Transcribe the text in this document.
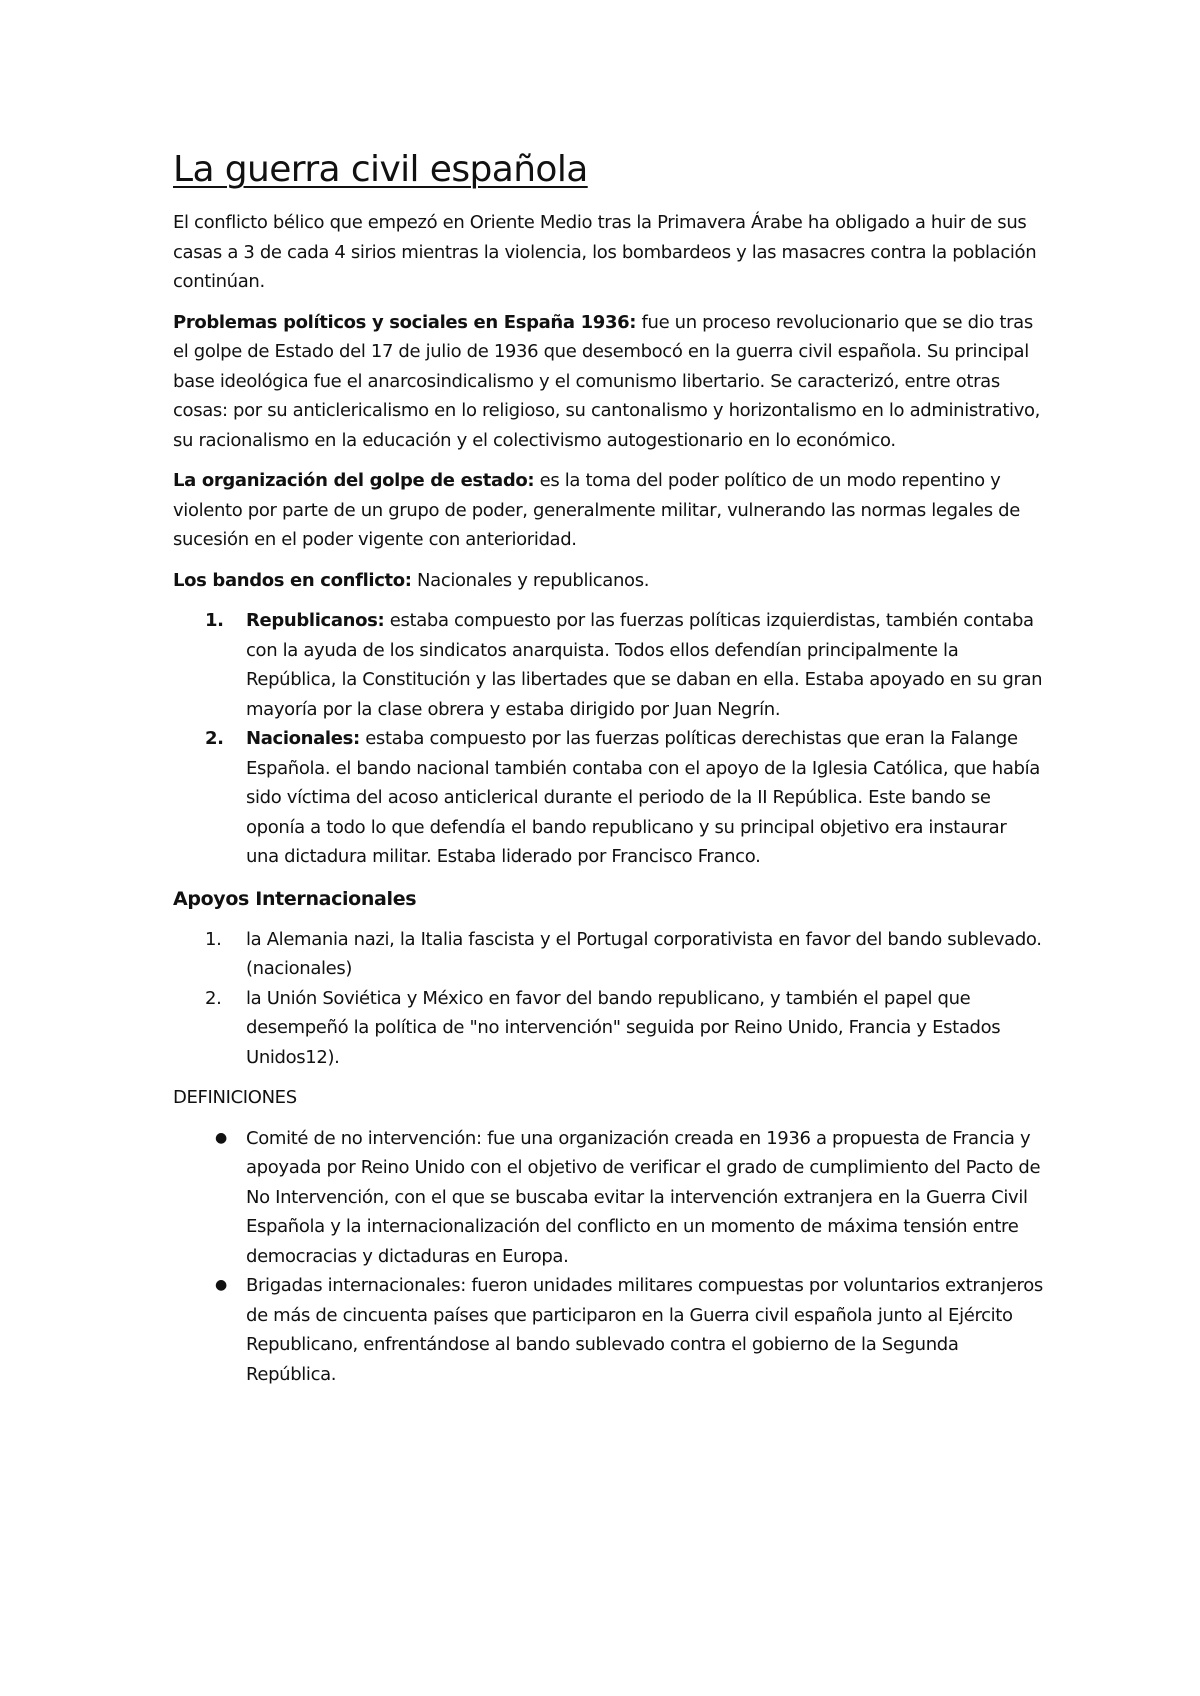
La guerra civil española

El conflicto bélico que empezó en Oriente Medio tras la Primavera Árabe ha obligado a huir de sus casas a 3 de cada 4 sirios mientras la violencia, los bombardeos y las masacres contra la población continúan.

Problemas políticos y sociales en España 1936: fue un proceso revolucionario que se dio tras el golpe de Estado del 17 de julio de 1936 que desembocó en la guerra civil española. Su principal base ideológica fue el anarcosindicalismo y el comunismo libertario. Se caracterizó, entre otras cosas: por su anticlericalismo en lo religioso, su cantonalismo y horizontalismo en lo administrativo, su racionalismo en la educación y el colectivismo autogestionario en lo económico.

La organización del golpe de estado: es la toma del poder político de un modo repentino y violento por parte de un grupo de poder, generalmente militar, vulnerando las normas legales de sucesión en el poder vigente con anterioridad.

Los bandos en conflicto: Nacionales y republicanos.

1. Republicanos: estaba compuesto por las fuerzas políticas izquierdistas, también contaba con la ayuda de los sindicatos anarquista. Todos ellos defendían principalmente la República, la Constitución y las libertades que se daban en ella. Estaba apoyado en su gran mayoría por la clase obrera y estaba dirigido por Juan Negrín.
2. Nacionales: estaba compuesto por las fuerzas políticas derechistas que eran la Falange Española. el bando nacional también contaba con el apoyo de la Iglesia Católica, que había sido víctima del acoso anticlerical durante el periodo de la II República. Este bando se oponía a todo lo que defendía el bando republicano y su principal objetivo era instaurar una dictadura militar. Estaba liderado por Francisco Franco.
Apoyos Internacionales
1. la Alemania nazi, la Italia fascista y el Portugal corporativista en favor del bando sublevado. (nacionales)
2. la Unión Soviética y México en favor del bando republicano, y también el papel que desempeñó la política de "no intervención" seguida por Reino Unido, Francia y Estados Unidos12).

DEFINICIONES

● Comité de no intervención: fue una organización creada en 1936 a propuesta de Francia y apoyada por Reino Unido con el objetivo de verificar el grado de cumplimiento del Pacto de No Intervención, con el que se buscaba evitar la intervención extranjera en la Guerra Civil Española y la internacionalización del conflicto en un momento de máxima tensión entre democracias y dictaduras en Europa.
● Brigadas internacionales: fueron unidades militares compuestas por voluntarios extranjeros de más de cincuenta países que participaron en la Guerra civil española junto al Ejército Republicano, enfrentándose al bando sublevado contra el gobierno de la Segunda República.
